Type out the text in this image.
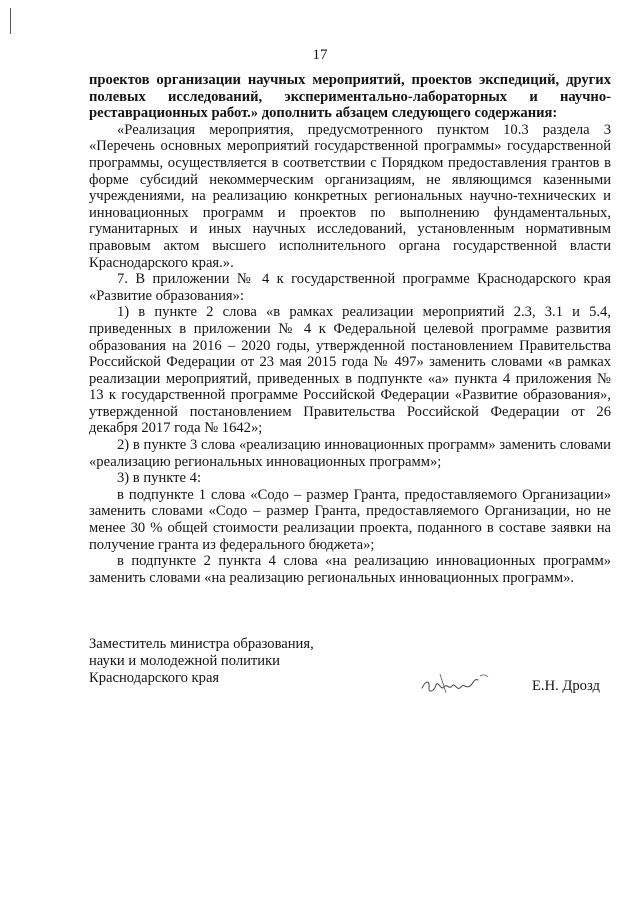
17

проектов организации научных мероприятий, проектов экспедиций, других полевых исследований, экспериментально-лабораторных и научно-реставрационных работ.» дополнить абзацем следующего содержания:

«Реализация мероприятия, предусмотренного пунктом 10.3 раздела 3 «Перечень основных мероприятий государственной программы» государственной программы, осуществляется в соответствии с Порядком предоставления грантов в форме субсидий некоммерческим организациям, не являющимся казенными учреждениями, на реализацию конкретных региональных научно-технических и инновационных программ и проектов по выполнению фундаментальных, гуманитарных и иных научных исследований, установленным нормативным правовым актом высшего исполнительного органа государственной власти Краснодарского края.».

7. В приложении № 4 к государственной программе Краснодарского края «Развитие образования»:

1) в пункте 2 слова «в рамках реализации мероприятий 2.3, 3.1 и 5.4, приведенных в приложении № 4 к Федеральной целевой программе развития образования на 2016 – 2020 годы, утвержденной постановлением Правительства Российской Федерации от 23 мая 2015 года № 497» заменить словами «в рамках реализации мероприятий, приведенных в подпункте «а» пункта 4 приложения № 13 к государственной программе Российской Федерации «Развитие образования», утвержденной постановлением Правительства Российской Федерации от 26 декабря 2017 года № 1642»;

2) в пункте 3 слова «реализацию инновационных программ» заменить словами «реализацию региональных инновационных программ»;

3) в пункте 4:

в подпункте 1 слова «Содо – размер Гранта, предоставляемого Организации» заменить словами «Содо – размер Гранта, предоставляемого Организации, но не менее 30 % общей стоимости реализации проекта, поданного в составе заявки на получение гранта из федерального бюджета»;

в подпункте 2 пункта 4 слова «на реализацию инновационных программ» заменить словами «на реализацию региональных инновационных программ».

Заместитель министра образования,
науки и молодежной политики
Краснодарского края	Е.Н. Дрозд
